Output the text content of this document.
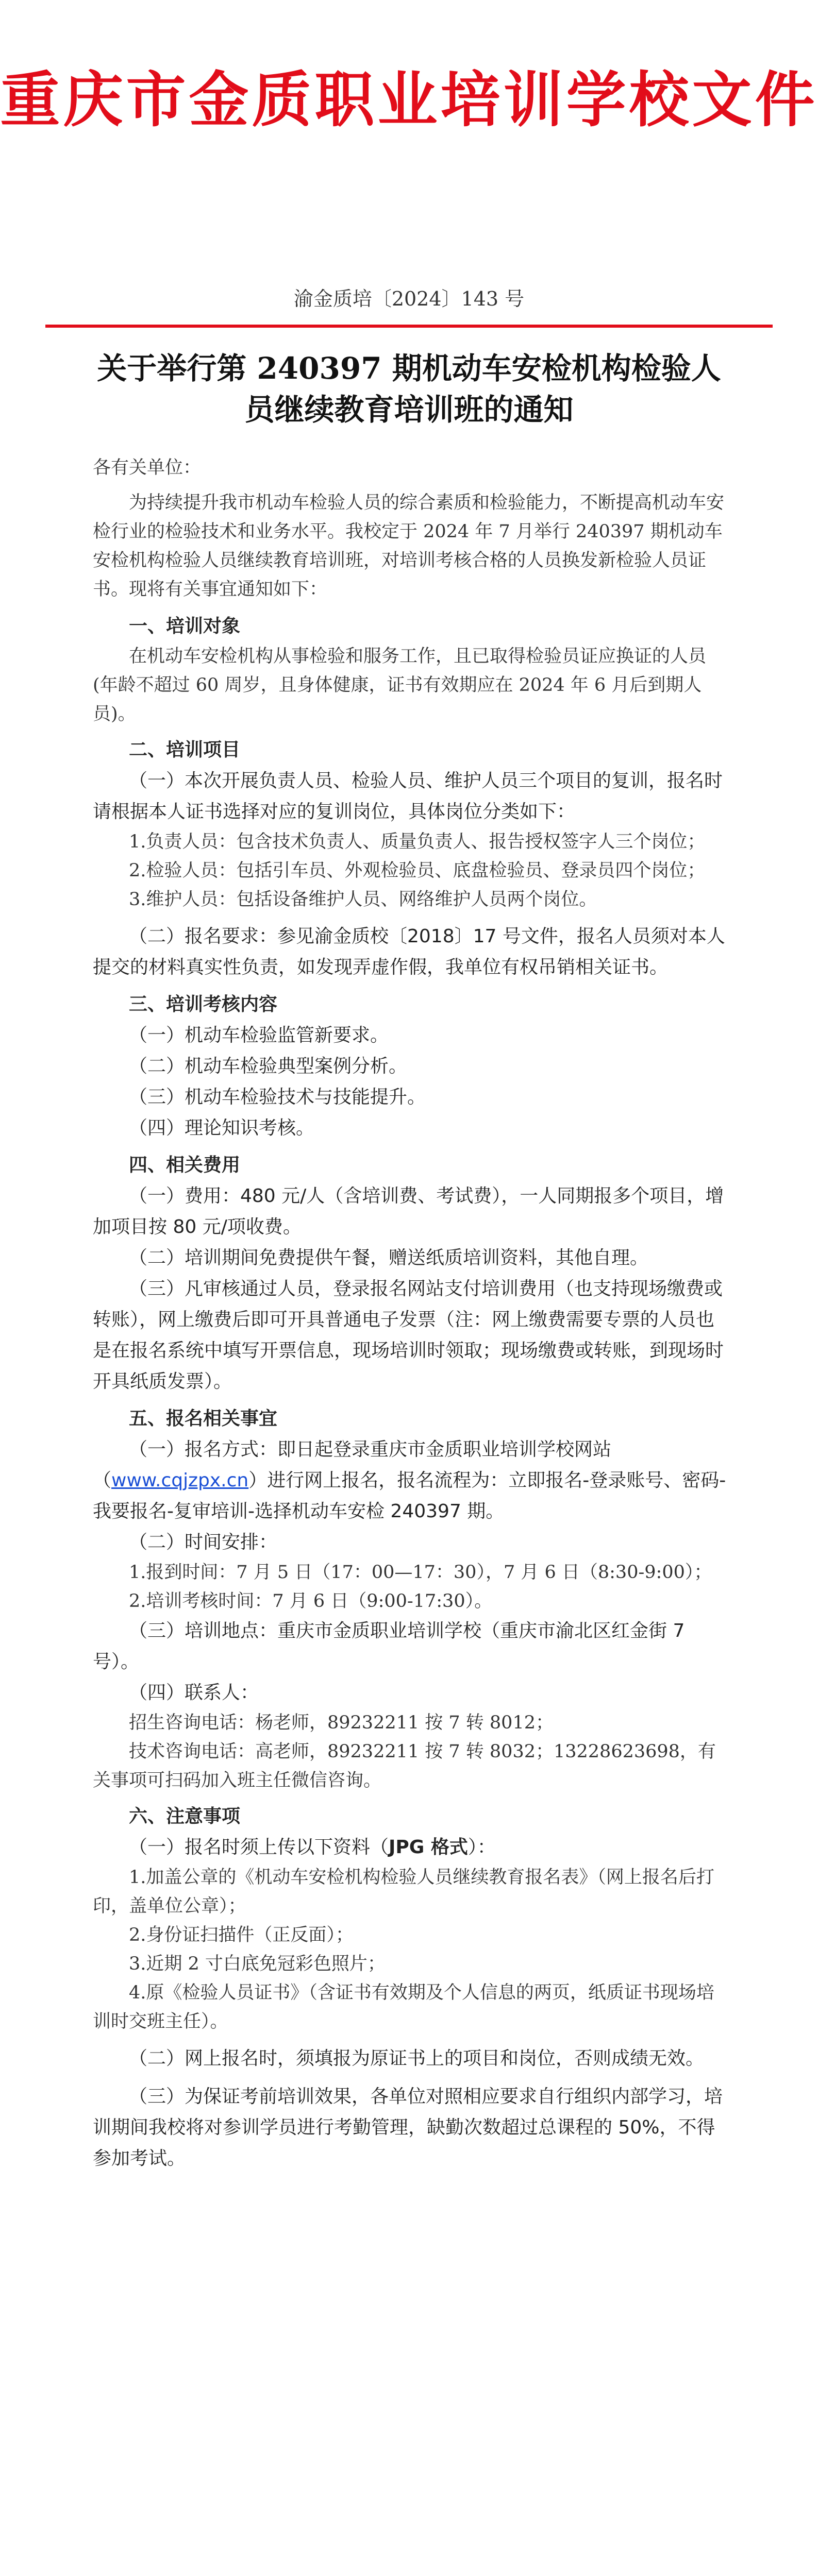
重庆市金质职业培训学校文件
渝金质培〔2024〕143 号
关于举行第 240397 期机动车安检机构检验人员继续教育培训班的通知

各有关单位：

为持续提升我市机动车检验人员的综合素质和检验能力，不断提高机动车安检行业的检验技术和业务水平。我校定于 2024 年 7 月举行 240397 期机动车安检机构检验人员继续教育培训班，对培训考核合格的人员换发新检验人员证书。现将有关事宜通知如下：

一、培训对象

在机动车安检机构从事检验和服务工作，且已取得检验员证应换证的人员(年龄不超过 60 周岁，且身体健康，证书有效期应在 2024 年 6 月后到期人员)。

二、培训项目

（一）本次开展负责人员、检验人员、维护人员三个项目的复训，报名时请根据本人证书选择对应的复训岗位，具体岗位分类如下：

1.负责人员：包含技术负责人、质量负责人、报告授权签字人三个岗位；

2.检验人员：包括引车员、外观检验员、底盘检验员、登录员四个岗位；

3.维护人员：包括设备维护人员、网络维护人员两个岗位。

（二）报名要求：参见渝金质校〔2018〕17 号文件，报名人员须对本人提交的材料真实性负责，如发现弄虚作假，我单位有权吊销相关证书。

三、培训考核内容

（一）机动车检验监管新要求。

（二）机动车检验典型案例分析。

（三）机动车检验技术与技能提升。

（四）理论知识考核。

四、相关费用

（一）费用：480 元/人（含培训费、考试费），一人同期报多个项目，增加项目按 80 元/项收费。

（二）培训期间免费提供午餐，赠送纸质培训资料，其他自理。

（三）凡审核通过人员，登录报名网站支付培训费用（也支持现场缴费或转账），网上缴费后即可开具普通电子发票（注：网上缴费需要专票的人员也是在报名系统中填写开票信息，现场培训时领取；现场缴费或转账，到现场时开具纸质发票）。

五、报名相关事宜

（一）报名方式：即日起登录重庆市金质职业培训学校网站（www.cqjzpx.cn）进行网上报名，报名流程为：立即报名-登录账号、密码-我要报名-复审培训-选择机动车安检 240397 期。

（二）时间安排：

1.报到时间：7 月 5 日（17：00—17：30），7 月 6 日（8:30-9:00）；

2.培训考核时间：7 月 6 日（9:00-17:30）。

（三）培训地点：重庆市金质职业培训学校（重庆市渝北区红金街 7 号）。

（四）联系人：

招生咨询电话：杨老师，89232211 按 7 转 8012；

技术咨询电话：高老师，89232211 按 7 转 8032；13228623698，有关事项可扫码加入班主任微信咨询。

六、注意事项

（一）报名时须上传以下资料（JPG 格式）：

1.加盖公章的《机动车安检机构检验人员继续教育报名表》（网上报名后打印，盖单位公章）；

2.身份证扫描件（正反面）；

3.近期 2 寸白底免冠彩色照片；

4.原《检验人员证书》（含证书有效期及个人信息的两页，纸质证书现场培训时交班主任）。

（二）网上报名时，须填报为原证书上的项目和岗位，否则成绩无效。

（三）为保证考前培训效果，各单位对照相应要求自行组织内部学习，培训期间我校将对参训学员进行考勤管理，缺勤次数超过总课程的 50%，不得参加考试。
